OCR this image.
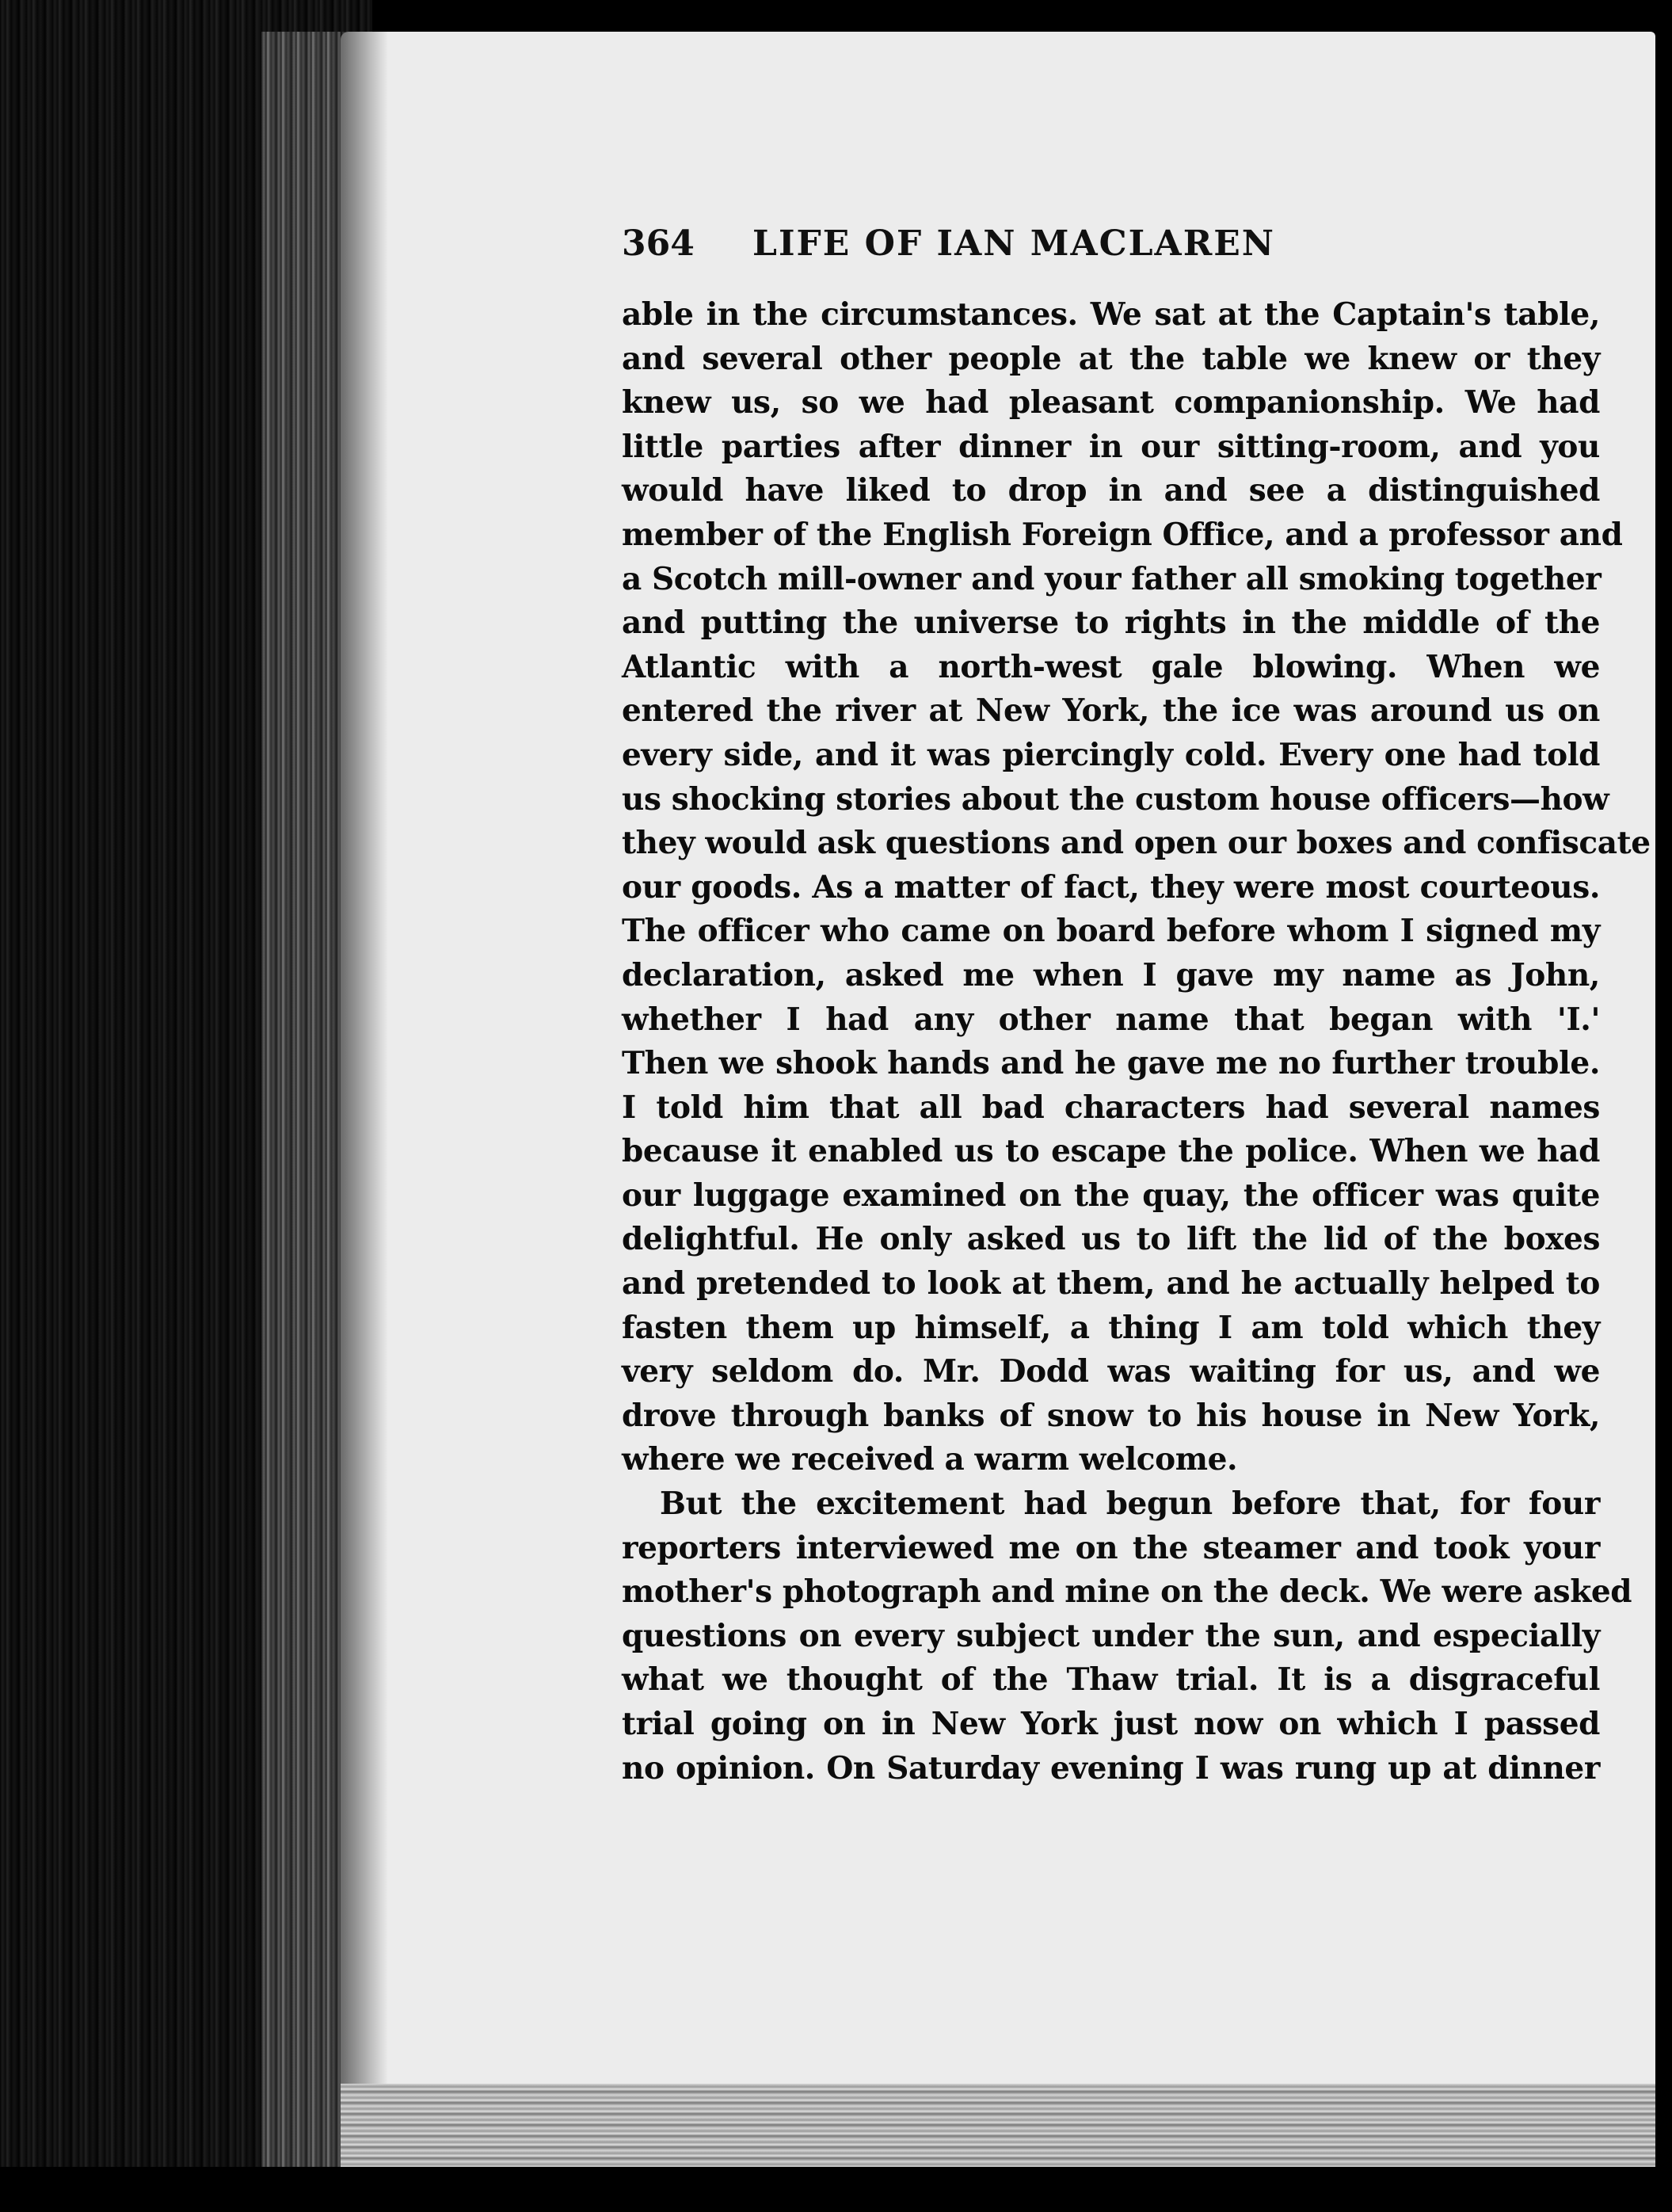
364 LIFE OF IAN MACLAREN
able in the circumstances. We sat at the Captain's table,
and several other people at the table we knew or they
knew us, so we had pleasant companionship. We had
little parties after dinner in our sitting-room, and you
would have liked to drop in and see a distinguished
member of the English Foreign Office, and a professor and
a Scotch mill-owner and your father all smoking together
and putting the universe to rights in the middle of the
Atlantic with a north-west gale blowing. When we
entered the river at New York, the ice was around us on
every side, and it was piercingly cold. Every one had told
us shocking stories about the custom house officers—how
they would ask questions and open our boxes and confiscate
our goods. As a matter of fact, they were most courteous.
The officer who came on board before whom I signed my
declaration, asked me when I gave my name as John,
whether I had any other name that began with 'I.'
Then we shook hands and he gave me no further trouble.
I told him that all bad characters had several names
because it enabled us to escape the police. When we had
our luggage examined on the quay, the officer was quite
delightful. He only asked us to lift the lid of the boxes
and pretended to look at them, and he actually helped to
fasten them up himself, a thing I am told which they
very seldom do. Mr. Dodd was waiting for us, and we
drove through banks of snow to his house in New York,
where we received a warm welcome.
But the excitement had begun before that, for four
reporters interviewed me on the steamer and took your
mother's photograph and mine on the deck. We were asked
questions on every subject under the sun, and especially
what we thought of the Thaw trial. It is a disgraceful
trial going on in New York just now on which I passed
no opinion. On Saturday evening I was rung up at dinner
